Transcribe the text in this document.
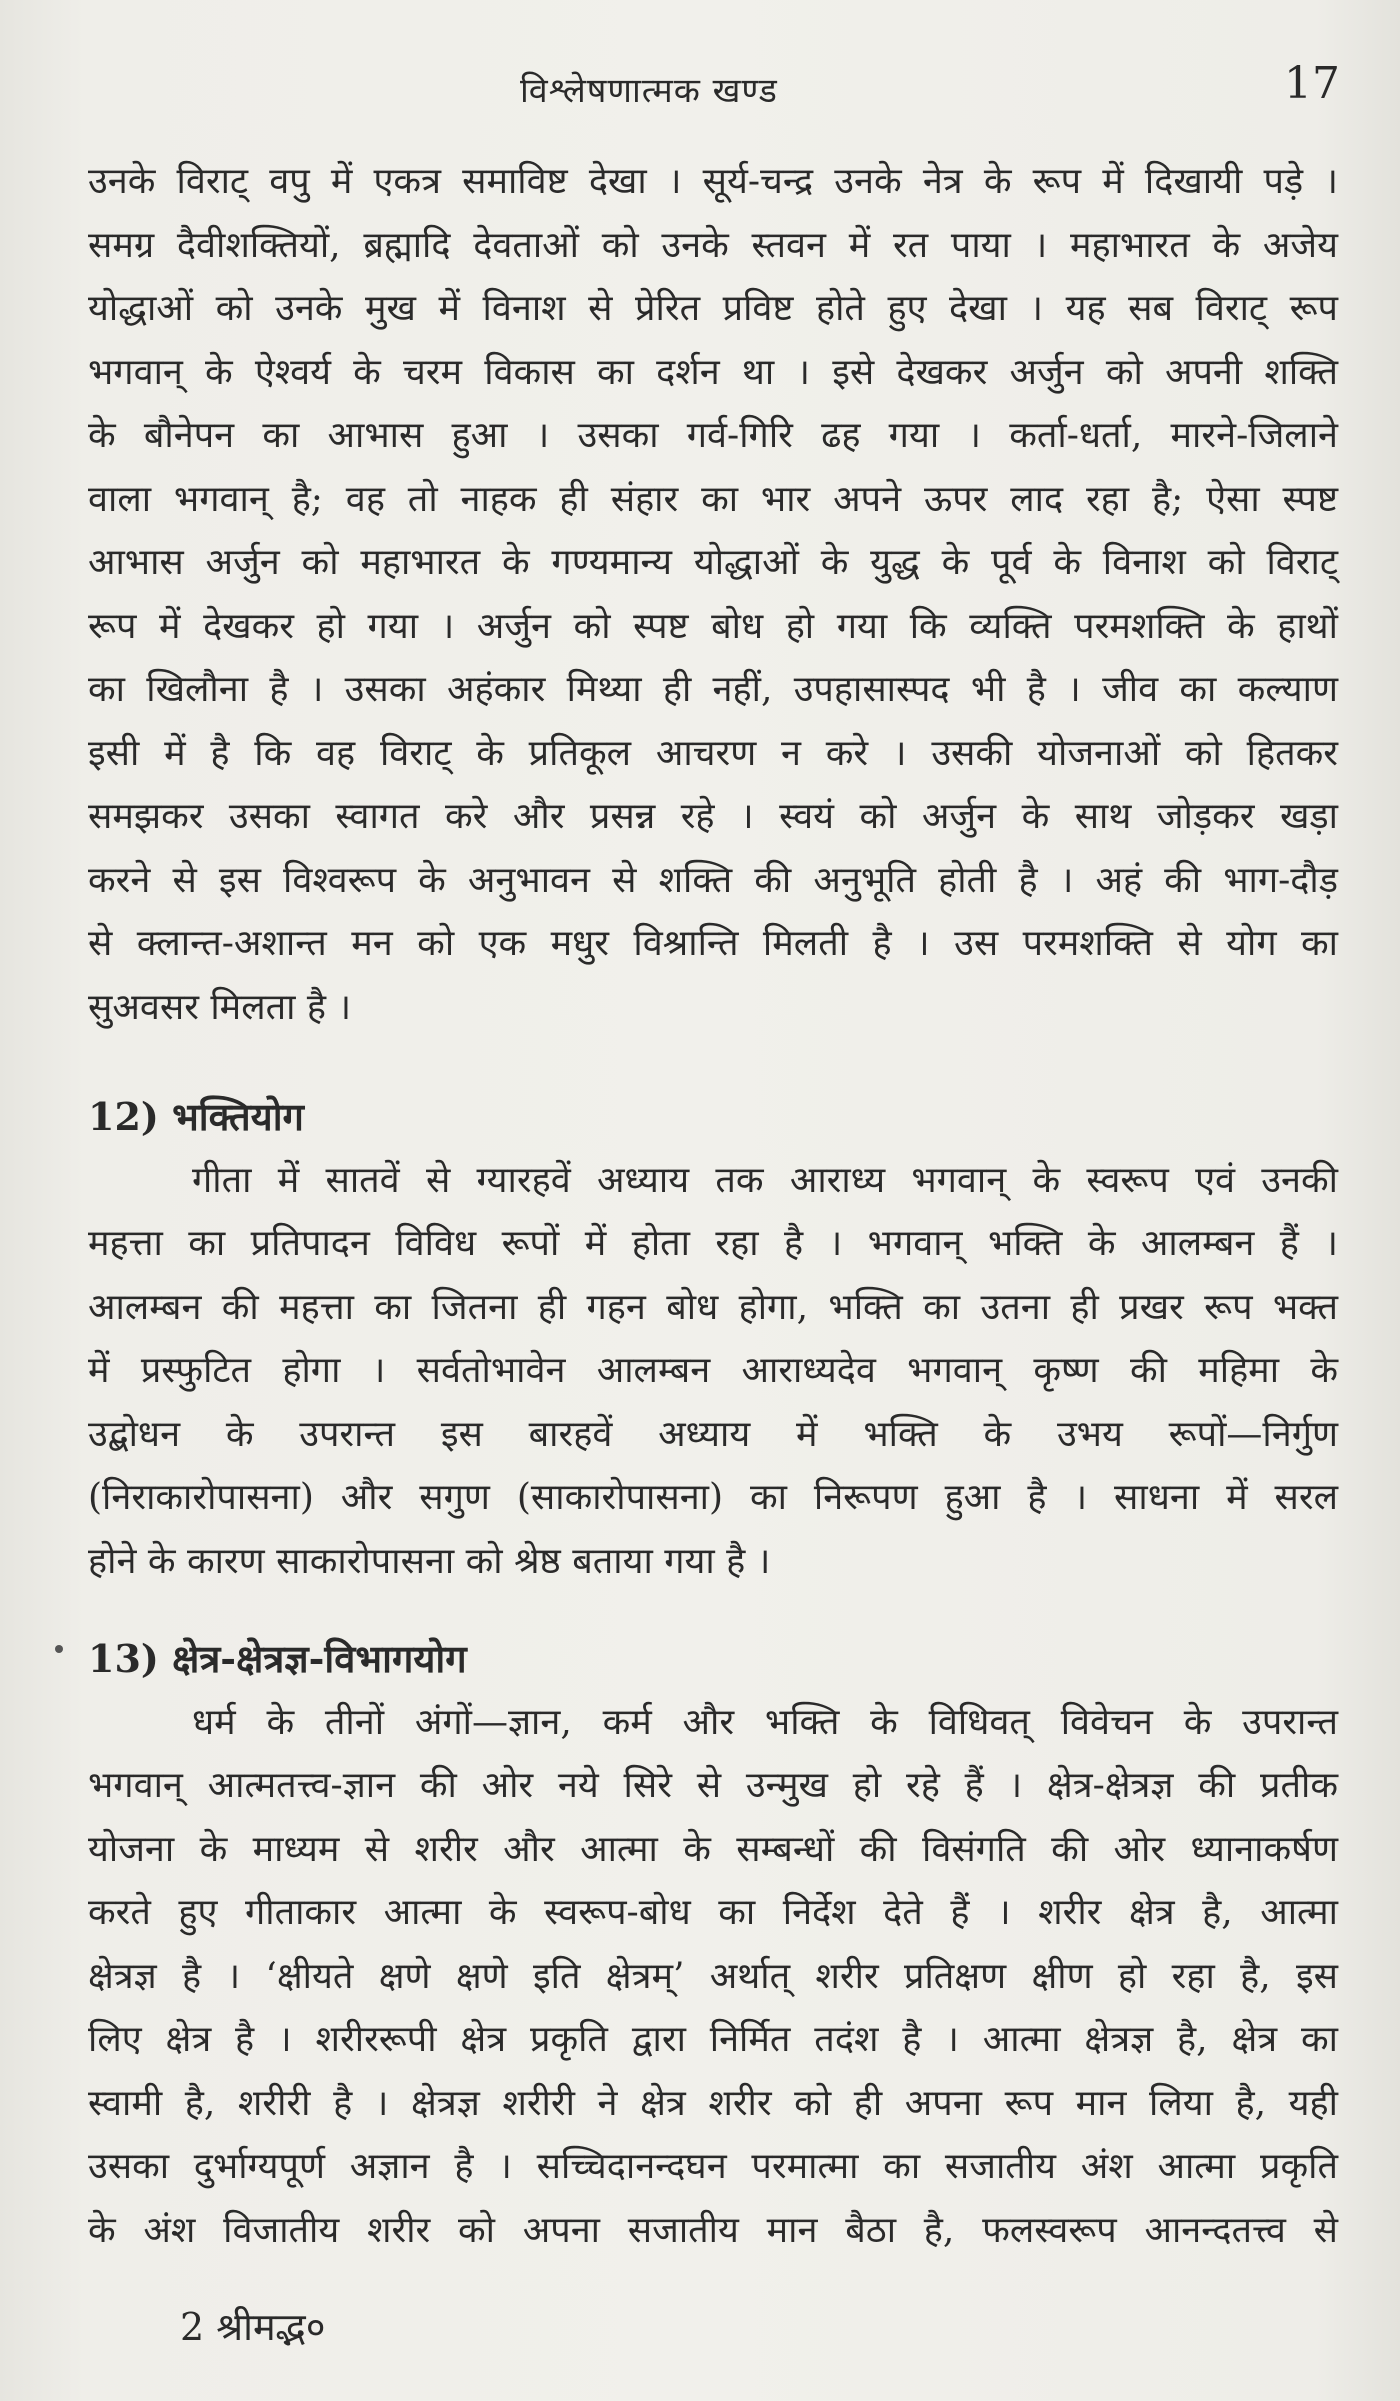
विश्लेषणात्मक खण्ड	17
उनके विराट् वपु में एकत्र समाविष्ट देखा । सूर्य-चन्द्र उनके नेत्र के रूप में दिखायी पड़े ।
समग्र दैवीशक्तियों, ब्रह्मादि देवताओं को उनके स्तवन में रत पाया । महाभारत के अजेय
योद्धाओं को उनके मुख में विनाश से प्रेरित प्रविष्ट होते हुए देखा । यह सब विराट् रूप
भगवान् के ऐश्वर्य के चरम विकास का दर्शन था । इसे देखकर अर्जुन को अपनी शक्ति
के बौनेपन का आभास हुआ । उसका गर्व-गिरि ढह गया । कर्ता-धर्ता, मारने-जिलाने
वाला भगवान् है; वह तो नाहक ही संहार का भार अपने ऊपर लाद रहा है; ऐसा स्पष्ट
आभास अर्जुन को महाभारत के गण्यमान्य योद्धाओं के युद्ध के पूर्व के विनाश को विराट्
रूप में देखकर हो गया । अर्जुन को स्पष्ट बोध हो गया कि व्यक्ति परमशक्ति के हाथों
का खिलौना है । उसका अहंकार मिथ्या ही नहीं, उपहासास्पद भी है । जीव का कल्याण
इसी में है कि वह विराट् के प्रतिकूल आचरण न करे । उसकी योजनाओं को हितकर
समझकर उसका स्वागत करे और प्रसन्न रहे । स्वयं को अर्जुन के साथ जोड़कर खड़ा
करने से इस विश्वरूप के अनुभावन से शक्ति की अनुभूति होती है । अहं की भाग-दौड़
से क्लान्त-अशान्त मन को एक मधुर विश्रान्ति मिलती है । उस परमशक्ति से योग का
सुअवसर मिलता है ।
12) भक्तियोग
गीता में सातवें से ग्यारहवें अध्याय तक आराध्य भगवान् के स्वरूप एवं उनकी
महत्ता का प्रतिपादन विविध रूपों में होता रहा है । भगवान् भक्ति के आलम्बन हैं ।
आलम्बन की महत्ता का जितना ही गहन बोध होगा, भक्ति का उतना ही प्रखर रूप भक्त
में प्रस्फुटित होगा । सर्वतोभावेन आलम्बन आराध्यदेव भगवान् कृष्ण की महिमा के
उद्बोधन के उपरान्त इस बारहवें अध्याय में भक्ति के उभय रूपों—निर्गुण
(निराकारोपासना) और सगुण (साकारोपासना) का निरूपण हुआ है । साधना में सरल
होने के कारण साकारोपासना को श्रेष्ठ बताया गया है ।
13) क्षेत्र-क्षेत्रज्ञ-विभागयोग
धर्म के तीनों अंगों—ज्ञान, कर्म और भक्ति के विधिवत् विवेचन के उपरान्त
भगवान् आत्मतत्त्व-ज्ञान की ओर नये सिरे से उन्मुख हो रहे हैं । क्षेत्र-क्षेत्रज्ञ की प्रतीक
योजना के माध्यम से शरीर और आत्मा के सम्बन्धों की विसंगति की ओर ध्यानाकर्षण
करते हुए गीताकार आत्मा के स्वरूप-बोध का निर्देश देते हैं । शरीर क्षेत्र है, आत्मा
क्षेत्रज्ञ है । ‘क्षीयते क्षणे क्षणे इति क्षेत्रम्’ अर्थात् शरीर प्रतिक्षण क्षीण हो रहा है, इस
लिए क्षेत्र है । शरीररूपी क्षेत्र प्रकृति द्वारा निर्मित तदंश है । आत्मा क्षेत्रज्ञ है, क्षेत्र का
स्वामी है, शरीरी है । क्षेत्रज्ञ शरीरी ने क्षेत्र शरीर को ही अपना रूप मान लिया है, यही
उसका दुर्भाग्यपूर्ण अज्ञान है । सच्चिदानन्दघन परमात्मा का सजातीय अंश आत्मा प्रकृति
के अंश विजातीय शरीर को अपना सजातीय मान बैठा है, फलस्वरूप आनन्दतत्त्व से
2 श्रीमद्भ०
